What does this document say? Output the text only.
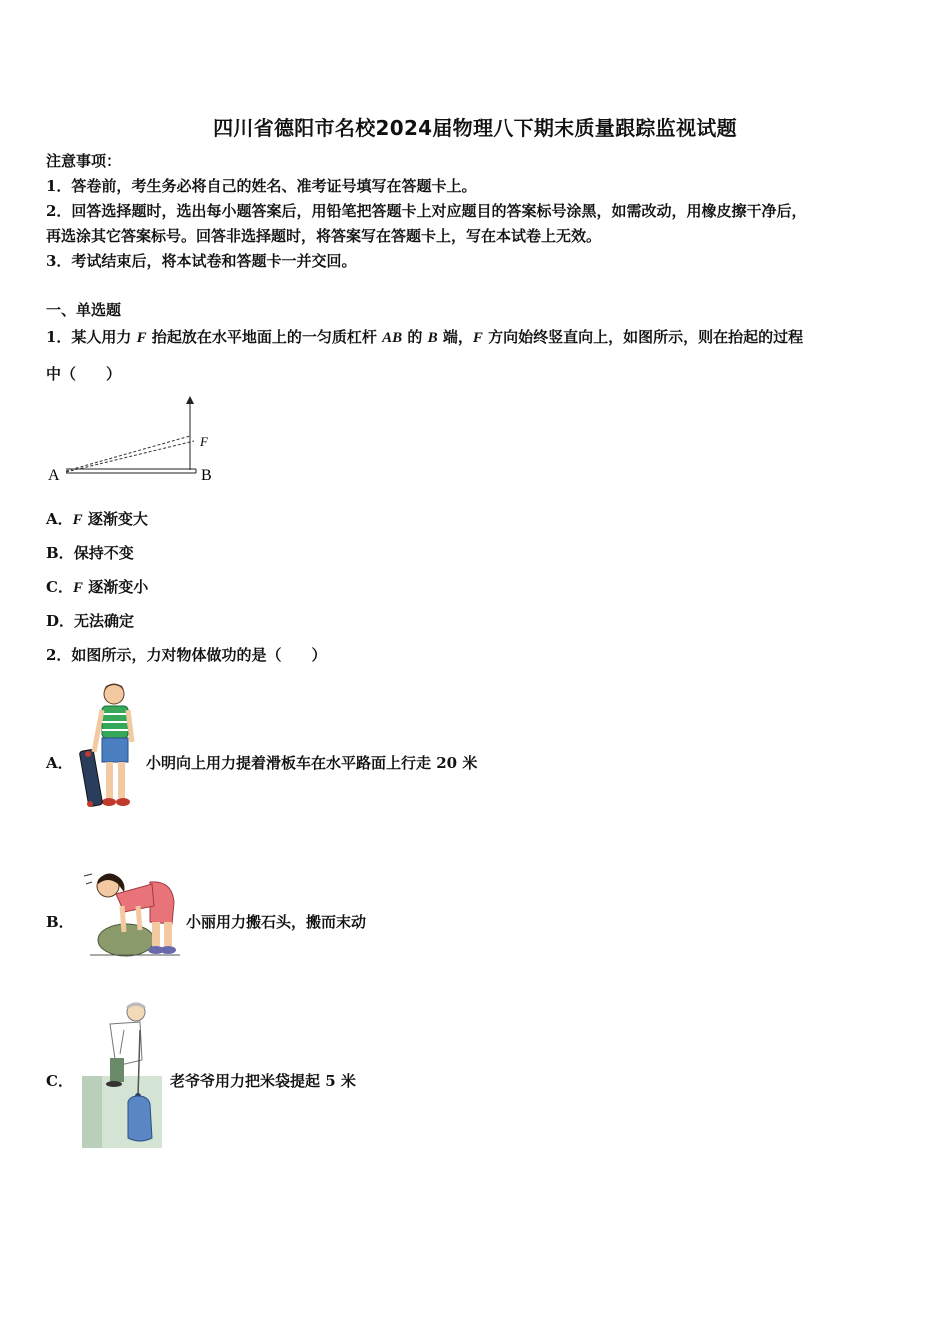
四川省德阳市名校2024届物理八下期末质量跟踪监视试题
注意事项：
1．答卷前，考生务必将自己的姓名、准考证号填写在答题卡上。
2．回答选择题时，选出每小题答案后，用铅笔把答题卡上对应题目的答案标号涂黑，如需改动，用橡皮擦干净后，
再选涂其它答案标号。回答非选择题时，将答案写在答题卡上，写在本试卷上无效。
3．考试结束后，将本试卷和答题卡一并交回。
一、单选题
1．某人用力 F 抬起放在水平地面上的一匀质杠杆 AB 的 B 端，F 方向始终竖直向上，如图所示，则在抬起的过程
中（　　）
A	B
F
A．F 逐渐变大
B．保持不变
C．F 逐渐变小
D．无法确定
2．如图所示，力对物体做功的是（　　）
A．	小明向上用力提着滑板车在水平路面上行走 20 米
B．	小丽用力搬石头，搬而末动
C．	老爷爷用力把米袋提起 5 米
